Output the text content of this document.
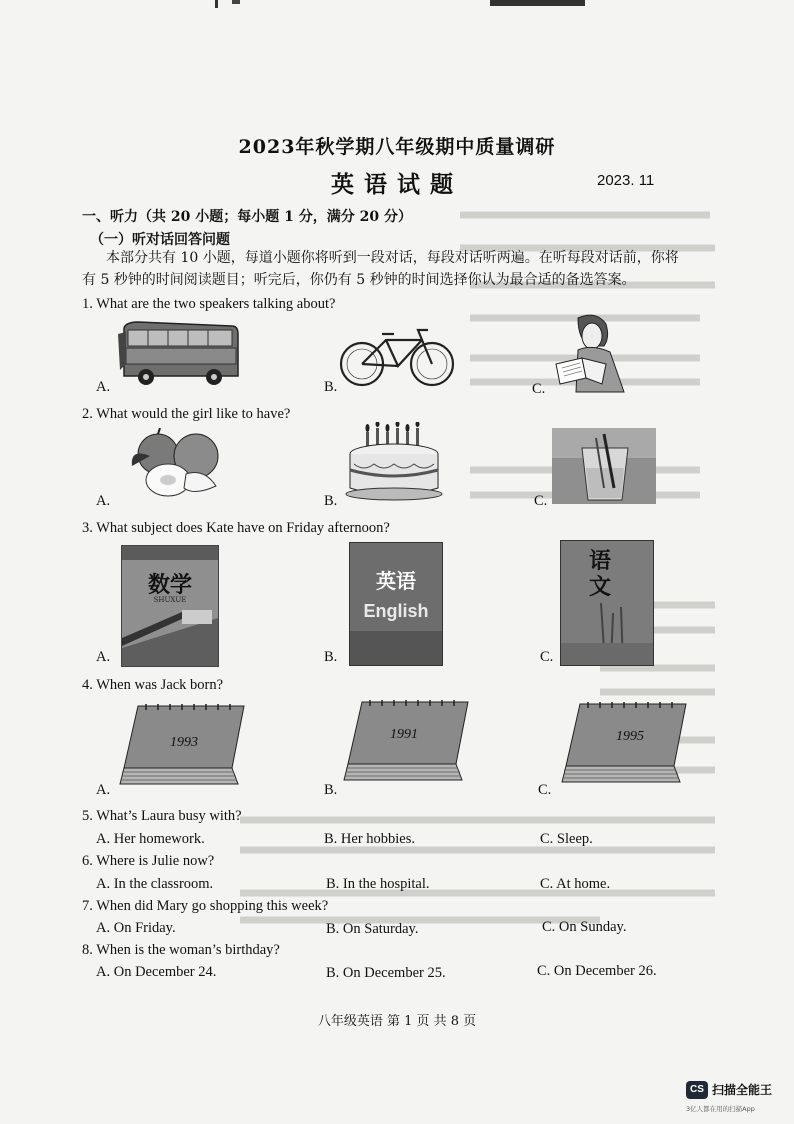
2023年秋学期八年级期中质量调研
英语试题	2023. 11
一、听力（共 20 小题；每小题 1 分，满分 20 分）
（一）听对话回答问题
本部分共有 10 小题，每道小题你将听到一段对话，每段对话听两遍。在听每段对话前，你将
有 5 秒钟的时间阅读题目；听完后，你仍有 5 秒钟的时间选择你认为最合适的备选答案。
1. What are the two speakers talking about?
A.	B.	C.
2. What would the girl like to have?
A.	B.	C.
3. What subject does Kate have on Friday afternoon?
A.
数学
SHUXUE
B.
英语
English
C.
语文
4. When was Jack born?
A.
1993
B.
1991
C.
1995
5. What’s Laura busy with?
A. Her homework.	B. Her hobbies.	C. Sleep.
6. Where is Julie now?
A. In the classroom.	B. In the hospital.	C. At home.
7. When did Mary go shopping this week?
A. On Friday.	B. On Saturday.	C. On Sunday.
8. When is the woman’s birthday?
A. On December 24.	B. On December 25.	C. On December 26.
八年级英语 第 1 页 共 8 页
CS 扫描全能王
3亿人都在用的扫描App
